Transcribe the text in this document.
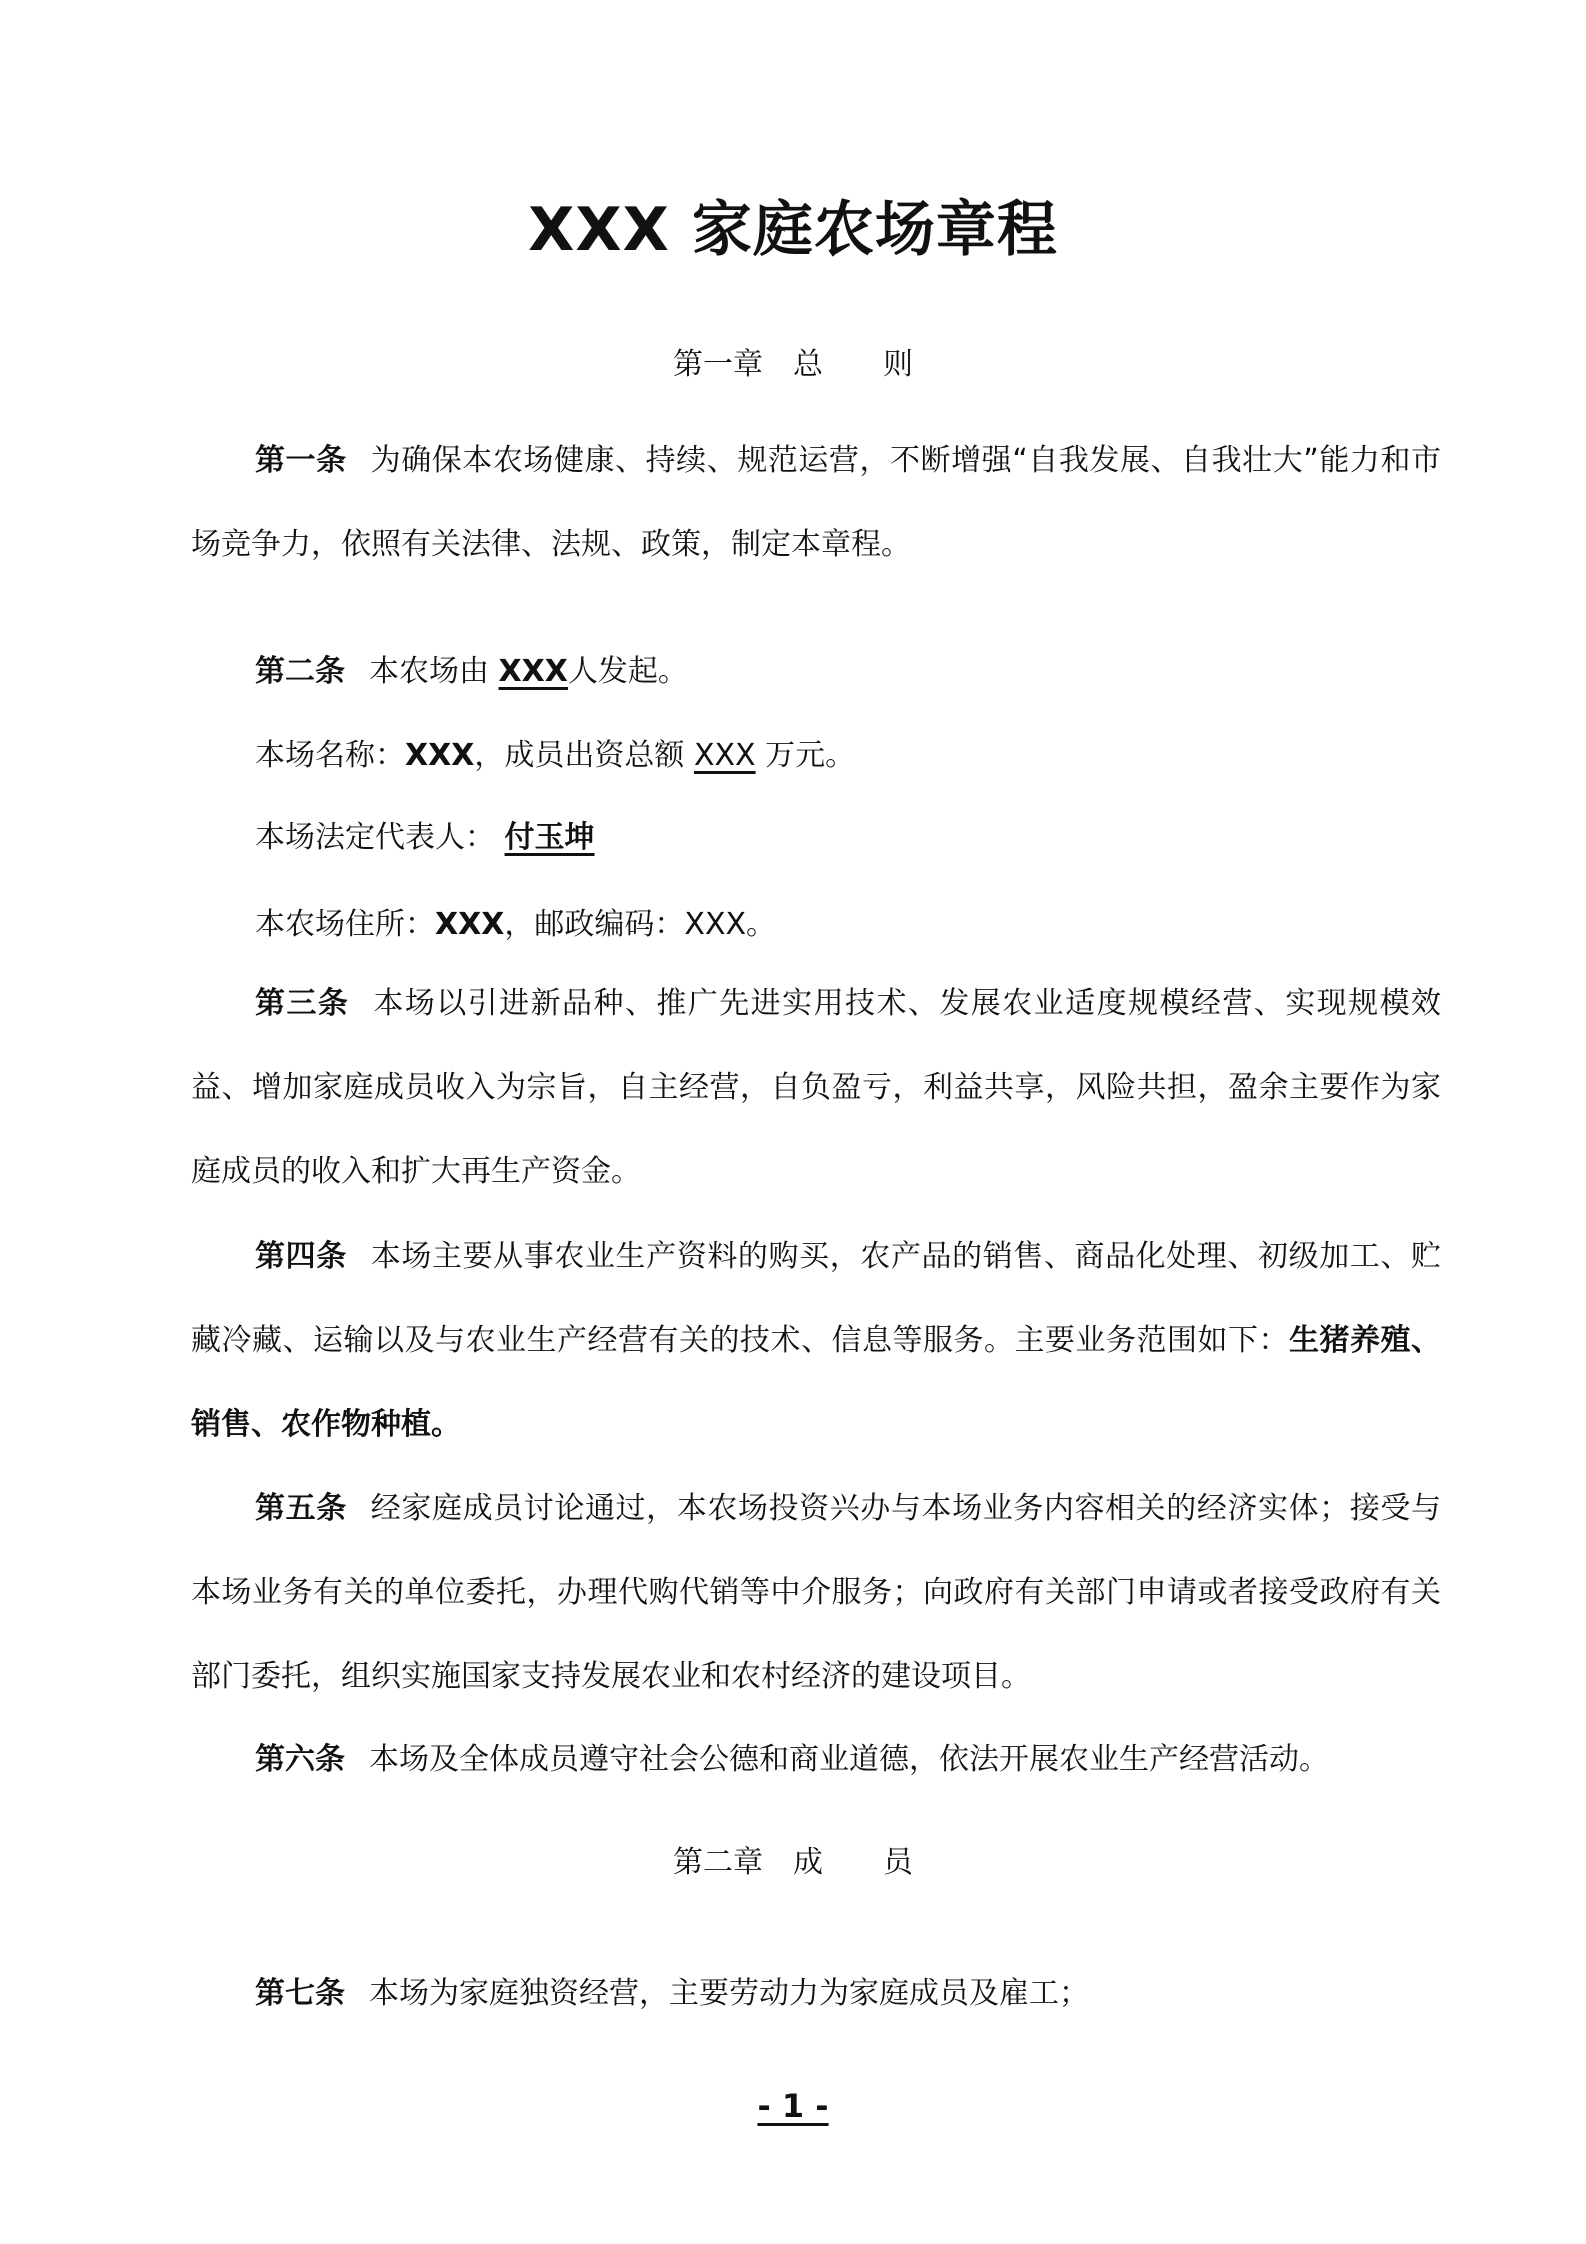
XXX 家庭农场章程
第一章　总　　则
第一条 为确保本农场健康、持续、规范运营，不断增强“自我发展、自我壮大”能力和市场竞争力，依照有关法律、法规、政策，制定本章程。
第二条 本农场由 XXX人发起。
本场名称：XXX，成员出资总额 XXX 万元。
本场法定代表人： 付玉坤
本农场住所：XXX，邮政编码：XXX。
第三条 本场以引进新品种、推广先进实用技术、发展农业适度规模经营、实现规模效益、增加家庭成员收入为宗旨，自主经营，自负盈亏，利益共享，风险共担，盈余主要作为家庭成员的收入和扩大再生产资金。
第四条 本场主要从事农业生产资料的购买，农产品的销售、商品化处理、初级加工、贮藏冷藏、运输以及与农业生产经营有关的技术、信息等服务。主要业务范围如下：生猪养殖、销售、农作物种植。
第五条 经家庭成员讨论通过，本农场投资兴办与本场业务内容相关的经济实体；接受与本场业务有关的单位委托，办理代购代销等中介服务；向政府有关部门申请或者接受政府有关部门委托，组织实施国家支持发展农业和农村经济的建设项目。
第六条 本场及全体成员遵守社会公德和商业道德，依法开展农业生产经营活动。
第二章　成　　员
第七条 本场为家庭独资经营，主要劳动力为家庭成员及雇工；
- 1 -
